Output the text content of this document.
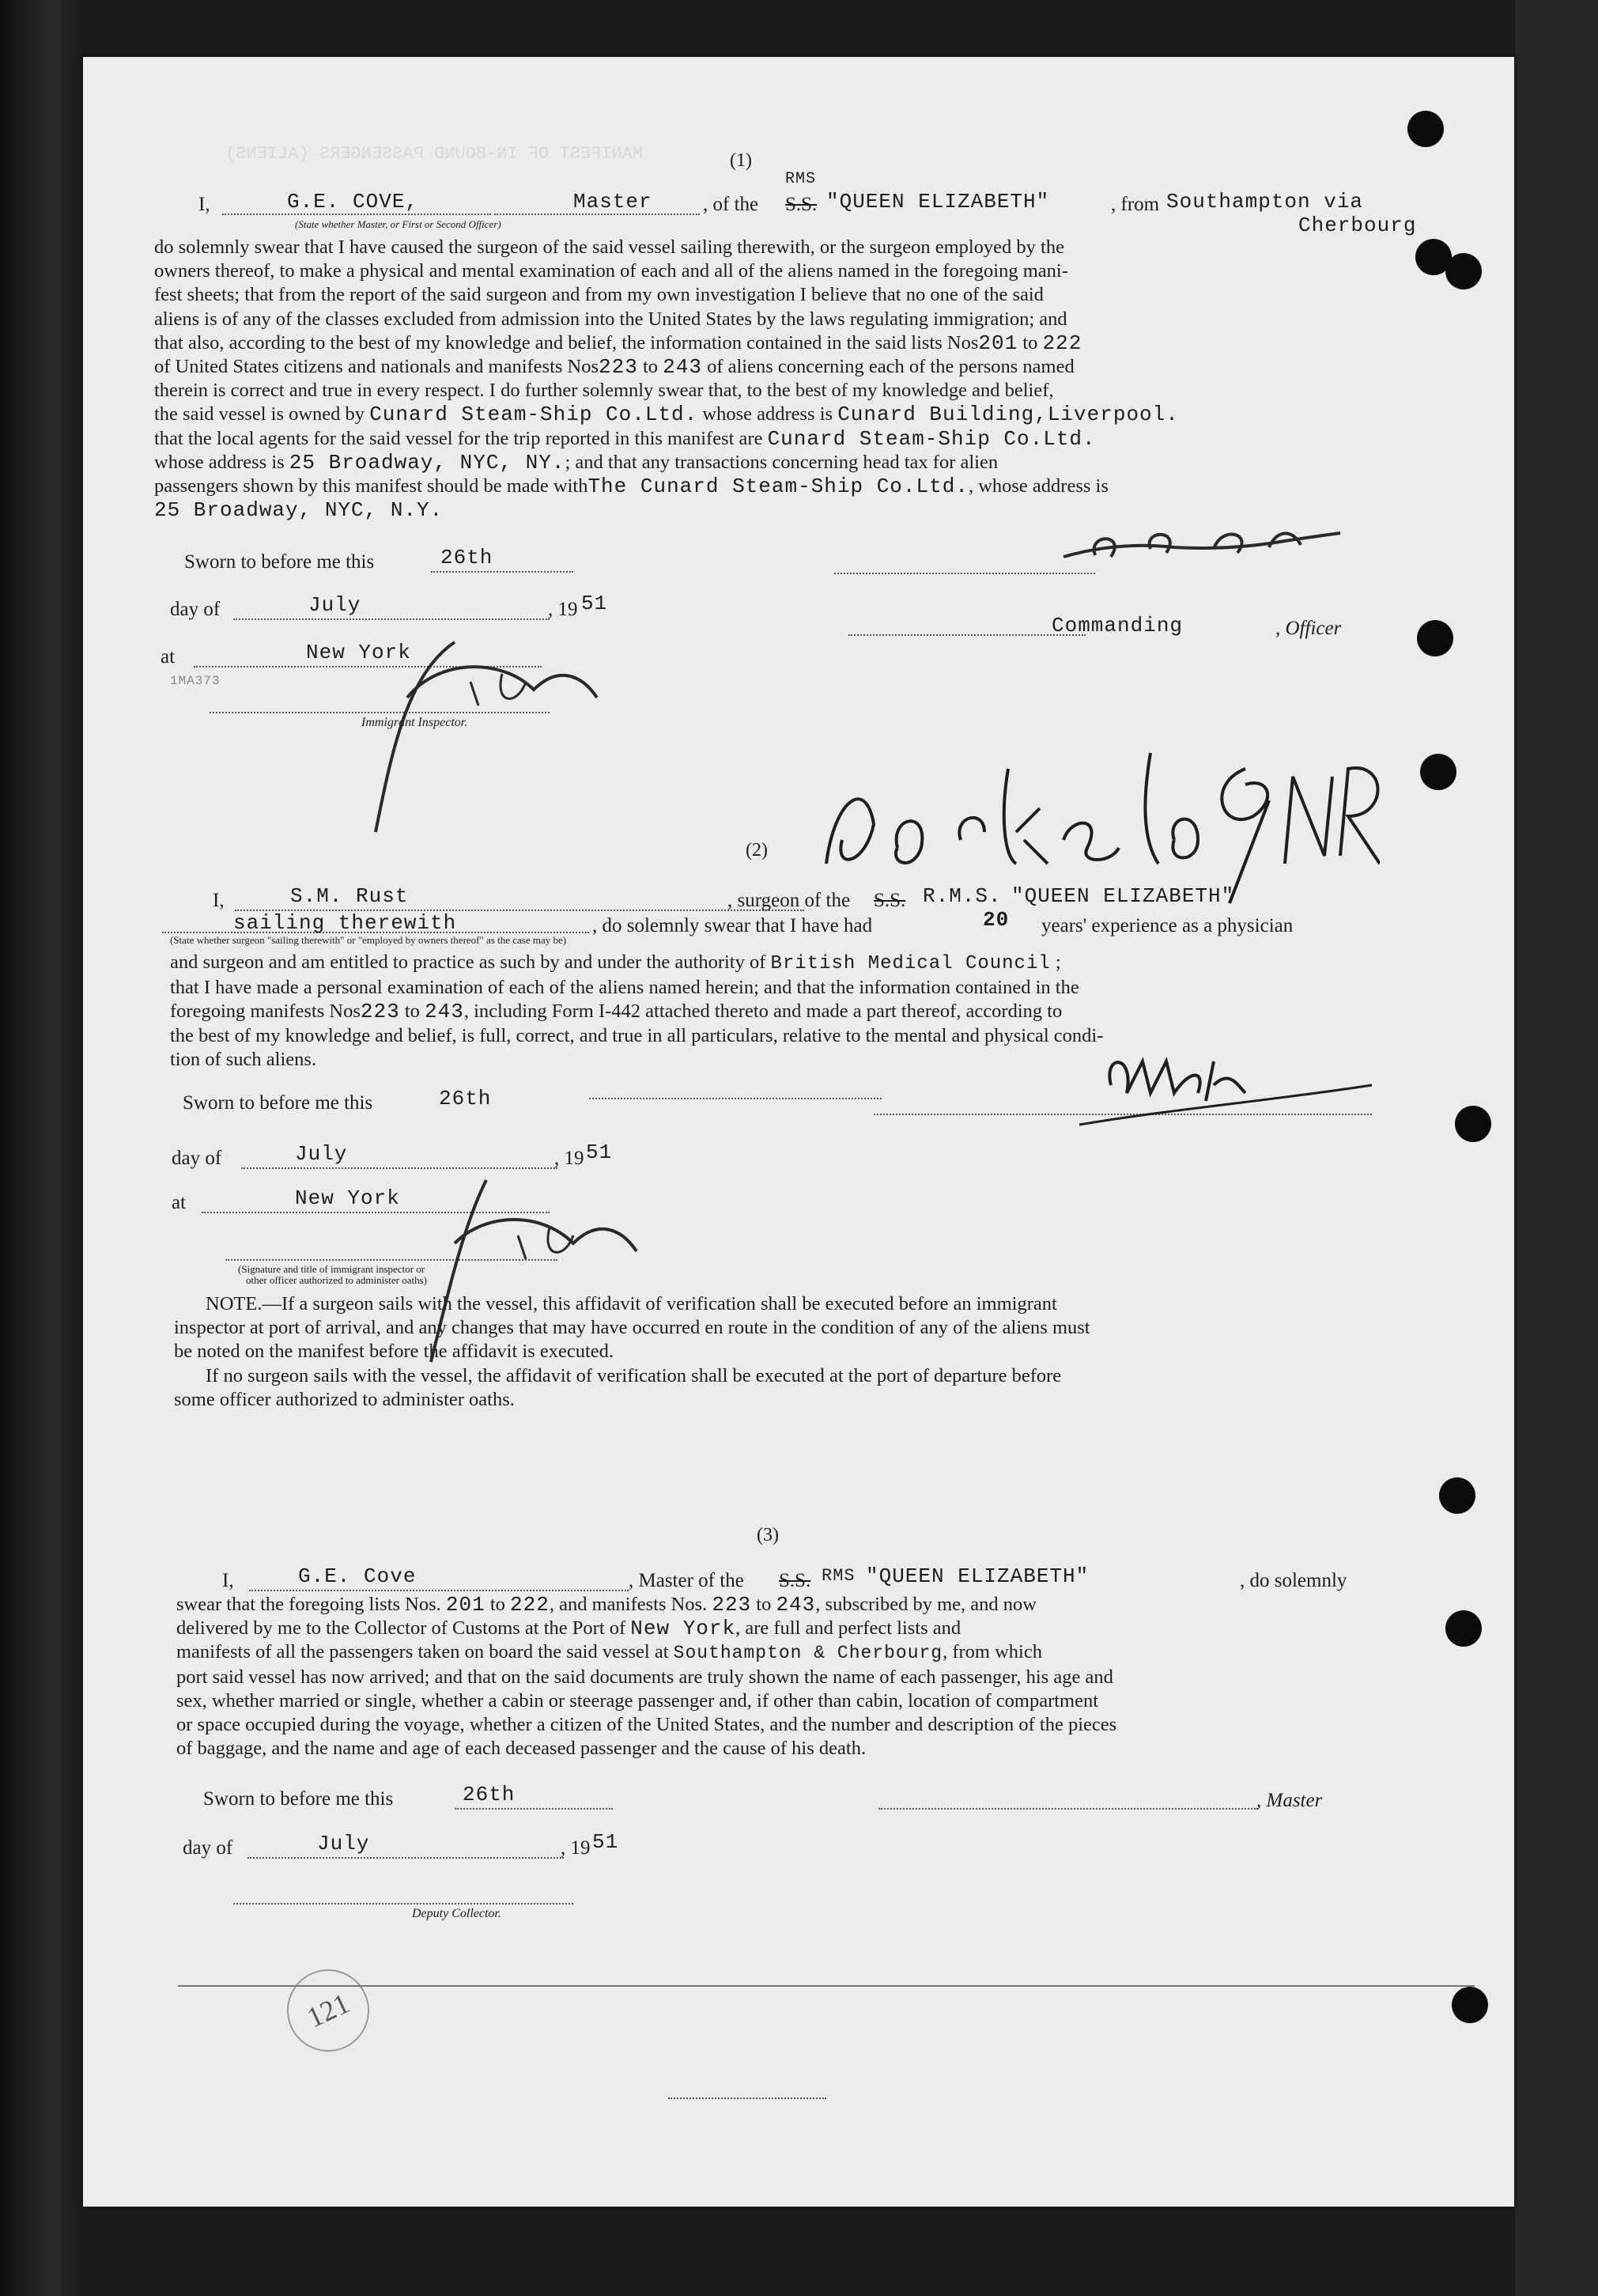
MANIFEST OF IN-BOUND PASSENGERS (ALIENS)	(1)
I,	G.E. COVE,	Master	, of the
RMS
S.S. "QUEEN ELIZABETH"	, from Southampton via
Cherbourg
(State whether Master, or First or Second Officer)
do solemnly swear that I have caused the surgeon of the said vessel sailing therewith, or the surgeon employed by the
owners thereof, to make a physical and mental examination of each and all of the aliens named in the foregoing mani-
fest sheets; that from the report of the said surgeon and from my own investigation I believe that no one of the said
aliens is of any of the classes excluded from admission into the United States by the laws regulating immigration; and
that also, according to the best of my knowledge and belief, the information contained in the said lists Nos201 to 222
of United States citizens and nationals and manifests Nos223 to 243 of aliens concerning each of the persons named
therein is correct and true in every respect. I do further solemnly swear that, to the best of my knowledge and belief,
the said vessel is owned by Cunard Steam-Ship Co.Ltd. whose address is Cunard Building,Liverpool.
that the local agents for the said vessel for the trip reported in this manifest are Cunard Steam-Ship Co.Ltd.
whose address is 25 Broadway, NYC, NY.; and that any transactions concerning head tax for alien
passengers shown by this manifest should be made withThe Cunard Steam-Ship Co.Ltd., whose address is
25 Broadway, NYC, N.Y.
Sworn to before me this	26th
day of	July	, 19 51
at	New York
Immigrant Inspector.
1MA373
Commanding	, Officer
(2)
I,	S.M. Rust	, surgeon of the S.S. R.M.S. "QUEEN ELIZABETH"
sailing therewith	, do solemnly swear that I have had	20 years' experience as a physician
(State whether surgeon "sailing therewith" or "employed by owners thereof" as the case may be)
and surgeon and am entitled to practice as such by and under the authority of British Medical Council ;
that I have made a personal examination of each of the aliens named herein; and that the information contained in the
foregoing manifests Nos223 to 243, including Form I-442 attached thereto and made a part thereof, according to
the best of my knowledge and belief, is full, correct, and true in all particulars, relative to the mental and physical condi-
tion of such aliens.
Sworn to before me this	26th
day of	July	, 19 51
at	New York
(Signature and title of immigrant inspector or
other officer authorized to administer oaths)
NOTE.—If a surgeon sails with the vessel, this affidavit of verification shall be executed before an immigrant
inspector at port of arrival, and any changes that may have occurred en route in the condition of any of the aliens must
be noted on the manifest before the affidavit is executed.
If no surgeon sails with the vessel, the affidavit of verification shall be executed at the port of departure before
some officer authorized to administer oaths.
(3)
I,	G.E. Cove	, Master of the S.S. RMS "QUEEN ELIZABETH"	, do solemnly
swear that the foregoing lists Nos. 201 to 222, and manifests Nos. 223 to 243, subscribed by me, and now
delivered by me to the Collector of Customs at the Port of New York, are full and perfect lists and
manifests of all the passengers taken on board the said vessel at Southampton & Cherbourg, from which
port said vessel has now arrived; and that on the said documents are truly shown the name of each passenger, his age and
sex, whether married or single, whether a cabin or steerage passenger and, if other than cabin, location of compartment
or space occupied during the voyage, whether a citizen of the United States, and the number and description of the pieces
of baggage, and the name and age of each deceased passenger and the cause of his death.
Sworn to before me this	26th	, Master
day of	July	, 19 51
Deputy Collector.
121
